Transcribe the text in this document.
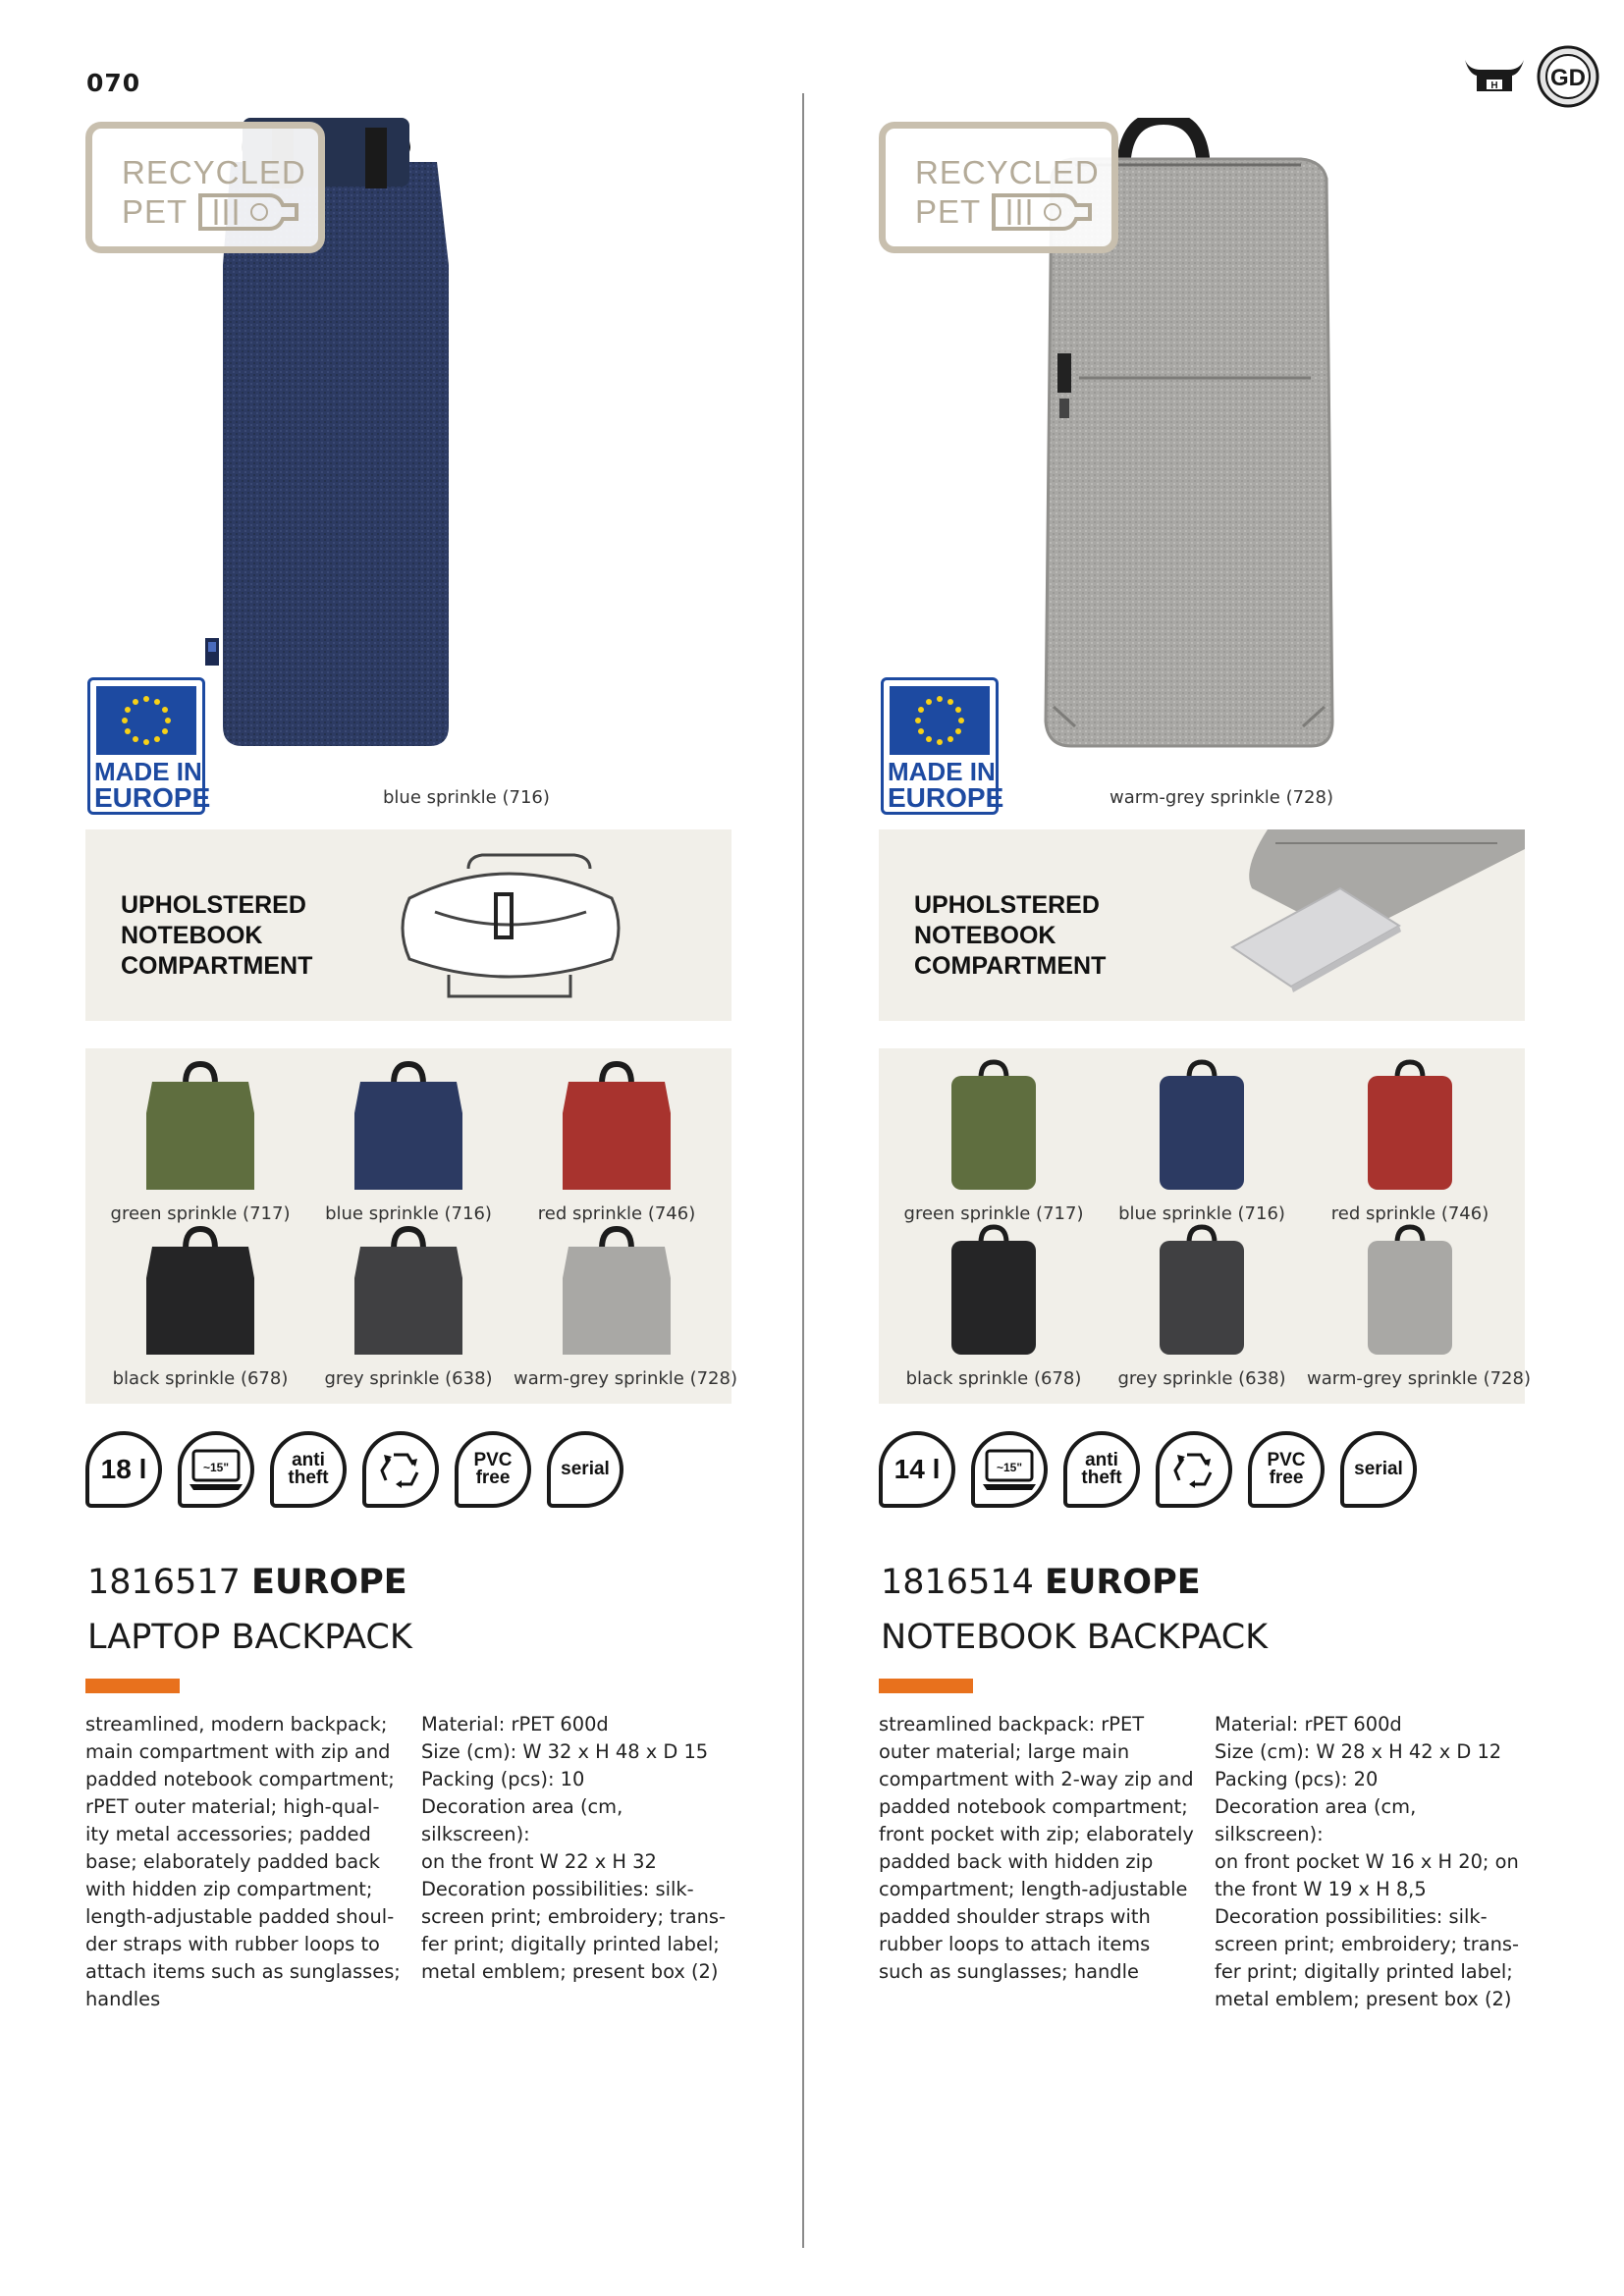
070	H GD
RECYCLED
PET
MADE IN
EUROPE	blue sprinkle (716)
UPHOLSTERED
NOTEBOOK
COMPARTMENT
green sprinkle (717)	blue sprinkle (716)	red sprinkle (746)
black sprinkle (678)	grey sprinkle (638)	warm-grey sprinkle (728)
18 l	~15"	anti
theft
PVC
free	serial
1816517 EUROPE
LAPTOP BACKPACK

streamlined, modern backpack;

main compartment with zip and

padded notebook compartment;

rPET outer material; high-qual-

ity metal accessories; padded

base; elaborately padded back

with hidden zip compartment;

length-adjustable padded shoul-

der straps with rubber loops to

attach items such as sunglasses;

handles

Material: rPET 600d

Size (cm): W 32 x H 48 x D 15

Packing (pcs): 10

Decoration area (cm, silkscreen):

on the front W 22 x H 32

Decoration possibilities: silk-

screen print; embroidery; trans-

fer print; digitally printed label;

metal emblem; present box (2)

RECYCLED
PET
MADE IN
EUROPE	warm-grey sprinkle (728)
UPHOLSTERED
NOTEBOOK
COMPARTMENT
green sprinkle (717)	blue sprinkle (716)	red sprinkle (746)
black sprinkle (678)	grey sprinkle (638)	warm-grey sprinkle (728)
14 l	~15"	anti
theft
PVC
free	serial
1816514 EUROPE
NOTEBOOK BACKPACK

streamlined backpack: rPET

outer material; large main

compartment with 2-way zip and

padded notebook compartment;

front pocket with zip; elaborately

padded back with hidden zip

compartment; length-adjustable

padded shoulder straps with

rubber loops to attach items

such as sunglasses; handle

Material: rPET 600d

Size (cm): W 28 x H 42 x D 12

Packing (pcs): 20

Decoration area (cm, silkscreen):

on front pocket W 16 x H 20; on

the front W 19 x H 8,5

Decoration possibilities: silk-

screen print; embroidery; trans-

fer print; digitally printed label;

metal emblem; present box (2)
